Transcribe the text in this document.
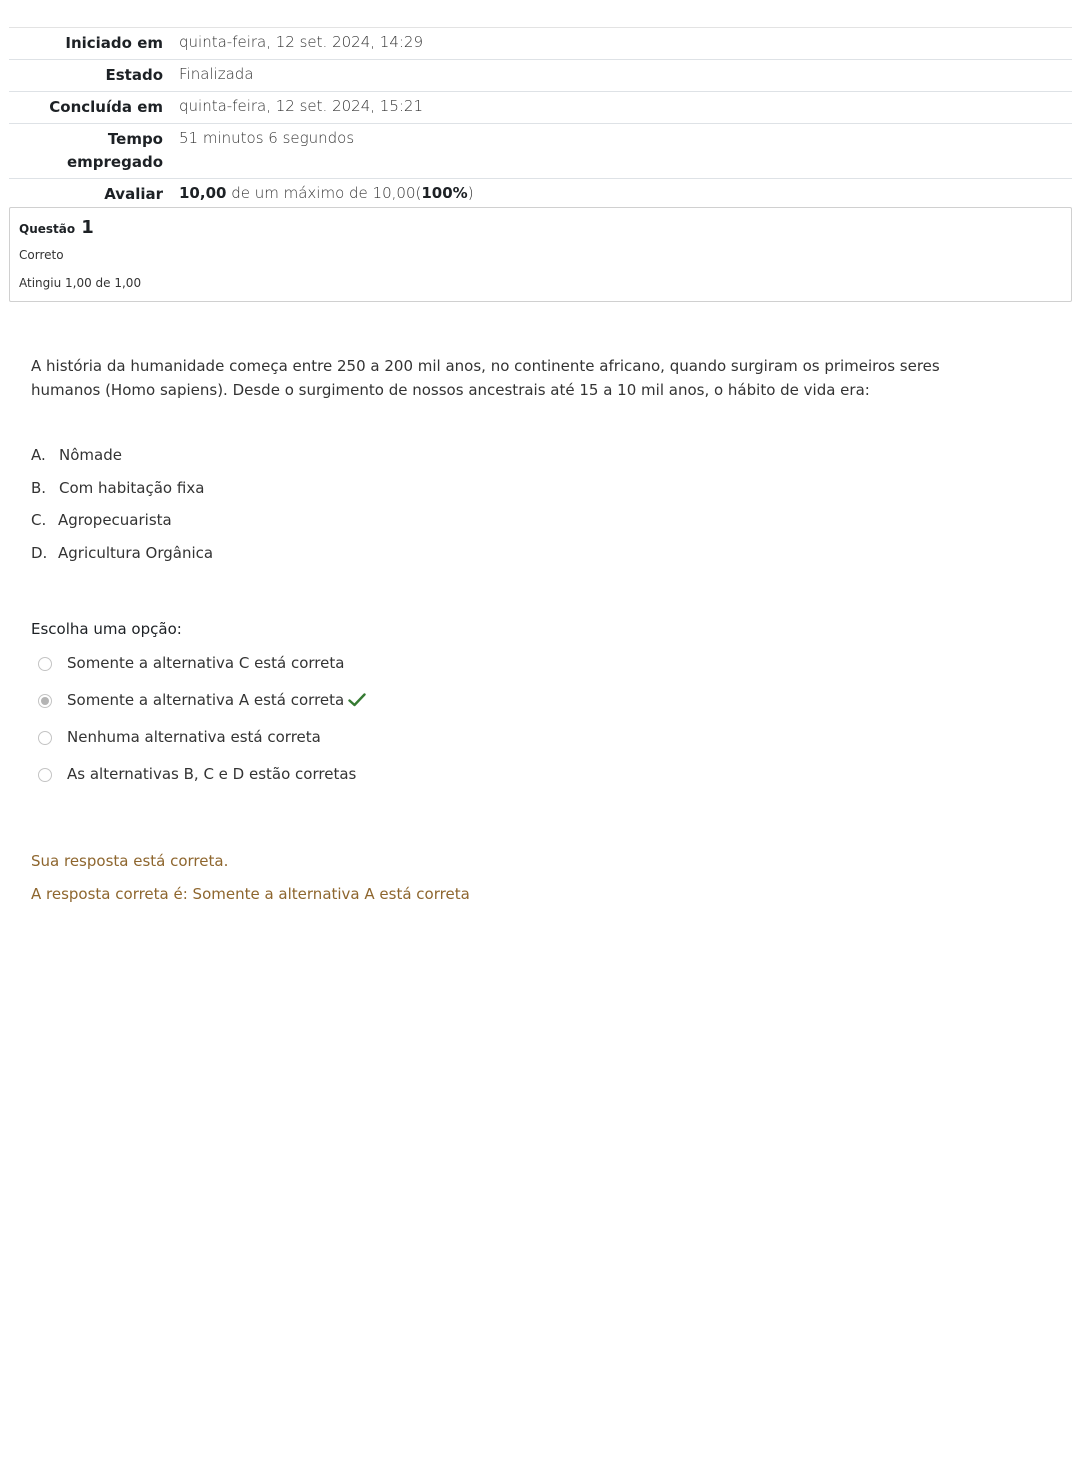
Iniciado em	quinta-feira, 12 set. 2024, 14:29
Estado	Finalizada
Concluída em	quinta-feira, 12 set. 2024, 15:21
Tempo empregado	51 minutos 6 segundos
Avaliar	10,00 de um máximo de 10,00(100%)
Questão 1
Correto
Atingiu 1,00 de 1,00
A história da humanidade começa entre 250 a 200 mil anos, no continente africano, quando surgiram os primeiros seres humanos (Homo sapiens). Desde o surgimento de nossos ancestrais até 15 a 10 mil anos, o hábito de vida era:
A. Nômade
B. Com habitação fixa
C. Agropecuarista
D. Agricultura Orgânica
Escolha uma opção:
Somente a alternativa C está correta
Somente a alternativa A está correta
Nenhuma alternativa está correta
As alternativas B, C e D estão corretas
Sua resposta está correta.
A resposta correta é: Somente a alternativa A está correta
